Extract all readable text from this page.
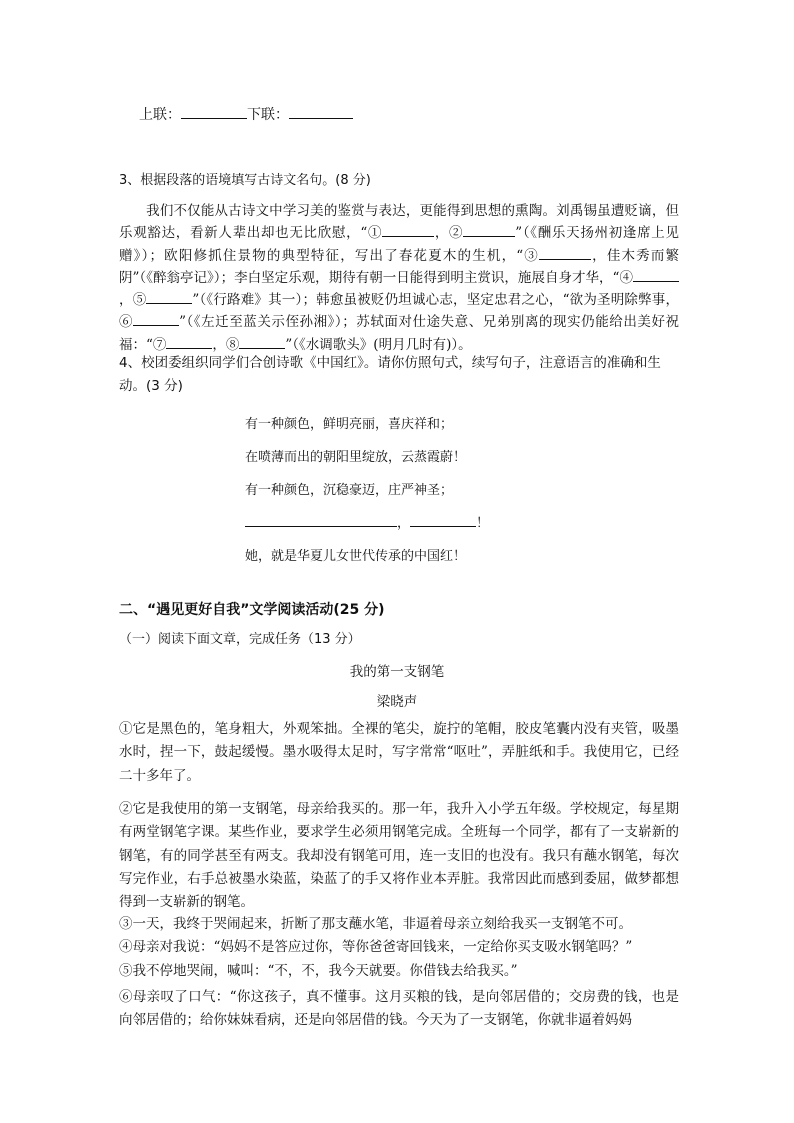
上联：	下联：
3、根据段落的语境填写古诗文名句。(8 分)

我们不仅能从古诗文中学习美的鉴赏与表达，更能得到思想的熏陶。刘禹锡虽遭贬谪，但乐观豁达，看新人辈出却也无比欣慰，“①	，②	”（《酬乐天扬州初逢席上见赠》）；欧阳修抓住景物的典型特征，写出了春花夏木的生机，“③	，佳木秀而繁阴”（《醉翁亭记》）；李白坚定乐观，期待有朝一日能得到明主赏识，施展自身才华，“④，⑤	”（《行路难》其一）；韩愈虽被贬仍坦诚心志，坚定忠君之心，“欲为圣明除弊事，⑥	”（《左迁至蓝关示侄孙湘》）；苏轼面对仕途失意、兄弟别离的现实仍能给出美好祝福：“⑦	，⑧	”（《水调歌头》(明月几时有)）。

4、校团委组织同学们合创诗歌《中国红》。请你仿照句式，续写句子，注意语言的准确和生动。(3 分)

有一种颜色，鲜明亮丽，喜庆祥和；
在喷薄而出的朝阳里绽放，云蒸霞蔚！
有一种颜色，沉稳豪迈，庄严神圣；
，	！
她，就是华夏儿女世代传承的中国红！
二、“遇见更好自我”文学阅读活动(25 分)
（一）阅读下面文章，完成任务（13 分）
我的第一支钢笔
梁晓声

①它是黑色的，笔身粗大，外观笨拙。全裸的笔尖，旋拧的笔帽，胶皮笔囊内没有夹管，吸墨水时，捏一下，鼓起缓慢。墨水吸得太足时，写字常常“呕吐”，弄脏纸和手。我使用它，已经二十多年了。

②它是我使用的第一支钢笔，母亲给我买的。那一年，我升入小学五年级。学校规定，每星期有两堂钢笔字课。某些作业，要求学生必须用钢笔完成。全班每一个同学，都有了一支崭新的钢笔，有的同学甚至有两支。我却没有钢笔可用，连一支旧的也没有。我只有蘸水钢笔，每次写完作业，右手总被墨水染蓝，染蓝了的手又将作业本弄脏。我常因此而感到委屈，做梦都想得到一支崭新的钢笔。

③一天，我终于哭闹起来，折断了那支蘸水笔，非逼着母亲立刻给我买一支钢笔不可。

④母亲对我说：“妈妈不是答应过你，等你爸爸寄回钱来，一定给你买支吸水钢笔吗？”

⑤我不停地哭闹，喊叫：“不，不，我今天就要。你借钱去给我买。”

⑥母亲叹了口气：“你这孩子，真不懂事。这月买粮的钱，是向邻居借的；交房费的钱，也是向邻居借的；给你妹妹看病，还是向邻居借的钱。今天为了一支钢笔，你就非逼着妈妈
